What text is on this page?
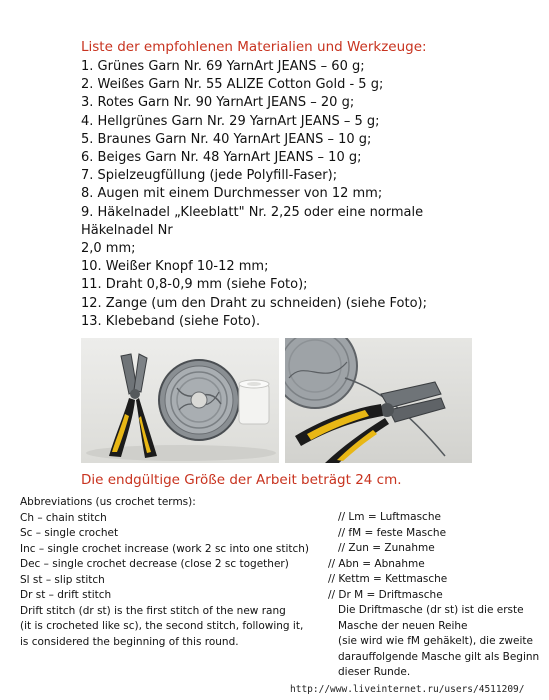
Liste der empfohlenen Materialien und Werkzeuge:
1. Grünes Garn Nr. 69 YarnArt JEANS – 60 g;
2. Weißes Garn Nr. 55 ALIZE Cotton Gold - 5 g;
3. Rotes Garn Nr. 90 YarnArt JEANS – 20 g;
4. Hellgrünes Garn Nr. 29 YarnArt JEANS – 5 g;
5. Braunes Garn Nr. 40 YarnArt JEANS – 10 g;
6. Beiges Garn Nr. 48 YarnArt JEANS – 10 g;
7. Spielzeugfüllung (jede Polyfill-Faser);
8. Augen mit einem Durchmesser von 12 mm;
9. Häkelnadel „Kleeblatt" Nr. 2,25 oder eine normale
Häkelnadel Nr
2,0 mm;
10. Weißer Knopf 10-12 mm;
11. Draht 0,8-0,9 mm (siehe Foto);
12. Zange (um den Draht zu schneiden) (siehe Foto);
13. Klebeband (siehe Foto).
Die endgültige Größe der Arbeit beträgt 24 cm.
Abbreviations (us crochet terms):
Ch – chain stitch
Sc – single crochet
Inc – single crochet increase (work 2 sc into one stitch)
Dec – single crochet decrease (close 2 sc together)
Sl st – slip stitch
Dr st – drift stitch
Drift stitch (dr st) is the first stitch of the new rang
(it is crocheted like sc), the second stitch, following it,
is considered the beginning of this round.
// Lm = Luftmasche
// fM = feste Masche
// Zun = Zunahme
// Abn = Abnahme
// Kettm = Kettmasche
// Dr M = Driftmasche
Die Driftmasche (dr st) ist die erste
Masche der neuen Reihe
(sie wird wie fM gehäkelt), die zweite
darauffolgende Masche gilt als Beginn
dieser Runde.
http://www.liveinternet.ru/users/4511209/
